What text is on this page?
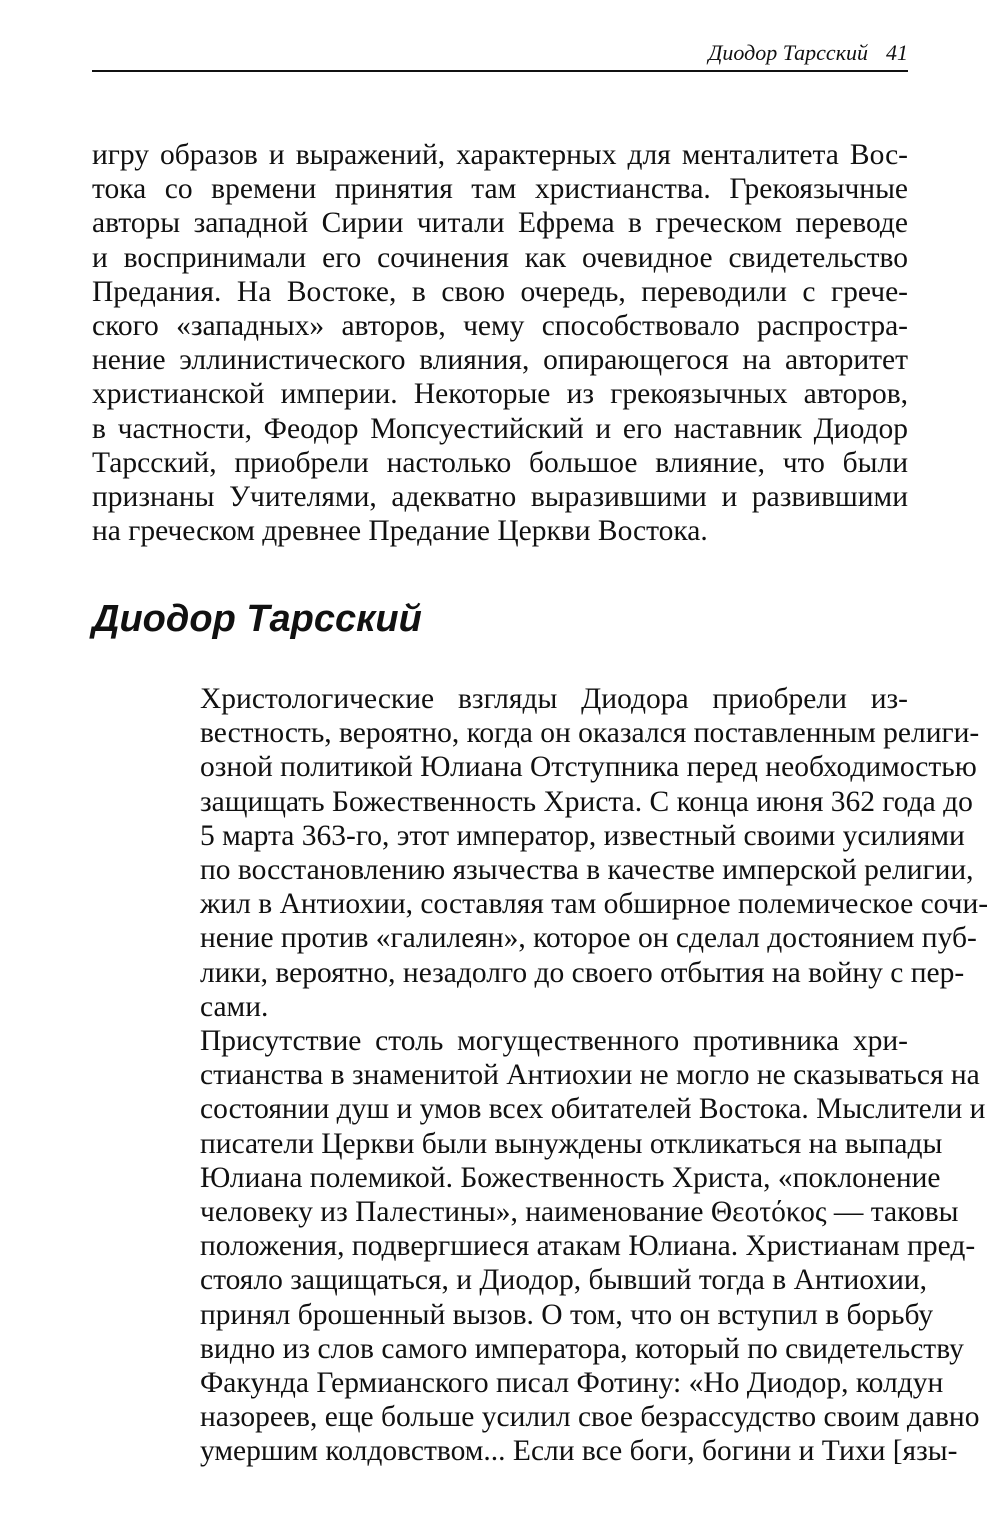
Диодор Тарсский 41

игру образов и выражений, характерных для менталитета Вос-
тока со времени принятия там христианства. Грекоязычные
авторы западной Сирии читали Ефрема в греческом переводе
и воспринимали его сочинения как очевидное свидетельство
Предания. На Востоке, в свою очередь, переводили с грече-
ского «западных» авторов, чему способствовало распростра-
нение эллинистического влияния, опирающегося на авторитет
христианской империи. Некоторые из грекоязычных авторов,
в частности, Феодор Мопсуестийский и его наставник Диодор
Тарсский, приобрели настолько большое влияние, что были
признаны Учителями, адекватно выразившими и развившими
на греческом древнее Предание Церкви Востока.

Диодор Тарсский

Христологические взгляды Диодора приобрели из-
вестность, вероятно, когда он оказался поставленным религи-
озной политикой Юлиана Отступника перед необходимостью
защищать Божественность Христа. С конца июня 362 года до
5 марта 363-го, этот император, известный своими усилиями
по восстановлению язычества в качестве имперской религии,
жил в Антиохии, составляя там обширное полемическое сочи-
нение против «галилеян», которое он сделал достоянием пуб-
лики, вероятно, незадолго до своего отбытия на войну с пер-
сами.

Присутствие столь могущественного противника хри-
стианства в знаменитой Антиохии не могло не сказываться на
состоянии душ и умов всех обитателей Востока. Мыслители и
писатели Церкви были вынуждены откликаться на выпады
Юлиана полемикой. Божественность Христа, «поклонение
человеку из Палестины», наименование Θεοτόκος — таковы
положения, подвергшиеся атакам Юлиана. Христианам пред-
стояло защищаться, и Диодор, бывший тогда в Антиохии,
принял брошенный вызов. О том, что он вступил в борьбу
видно из слов самого императора, который по свидетельству
Факунда Гермианского писал Фотину: «Но Диодор, колдун
назореев, еще больше усилил свое безрассудство своим давно
умершим колдовством... Если все боги, богини и Тихи [язы-
